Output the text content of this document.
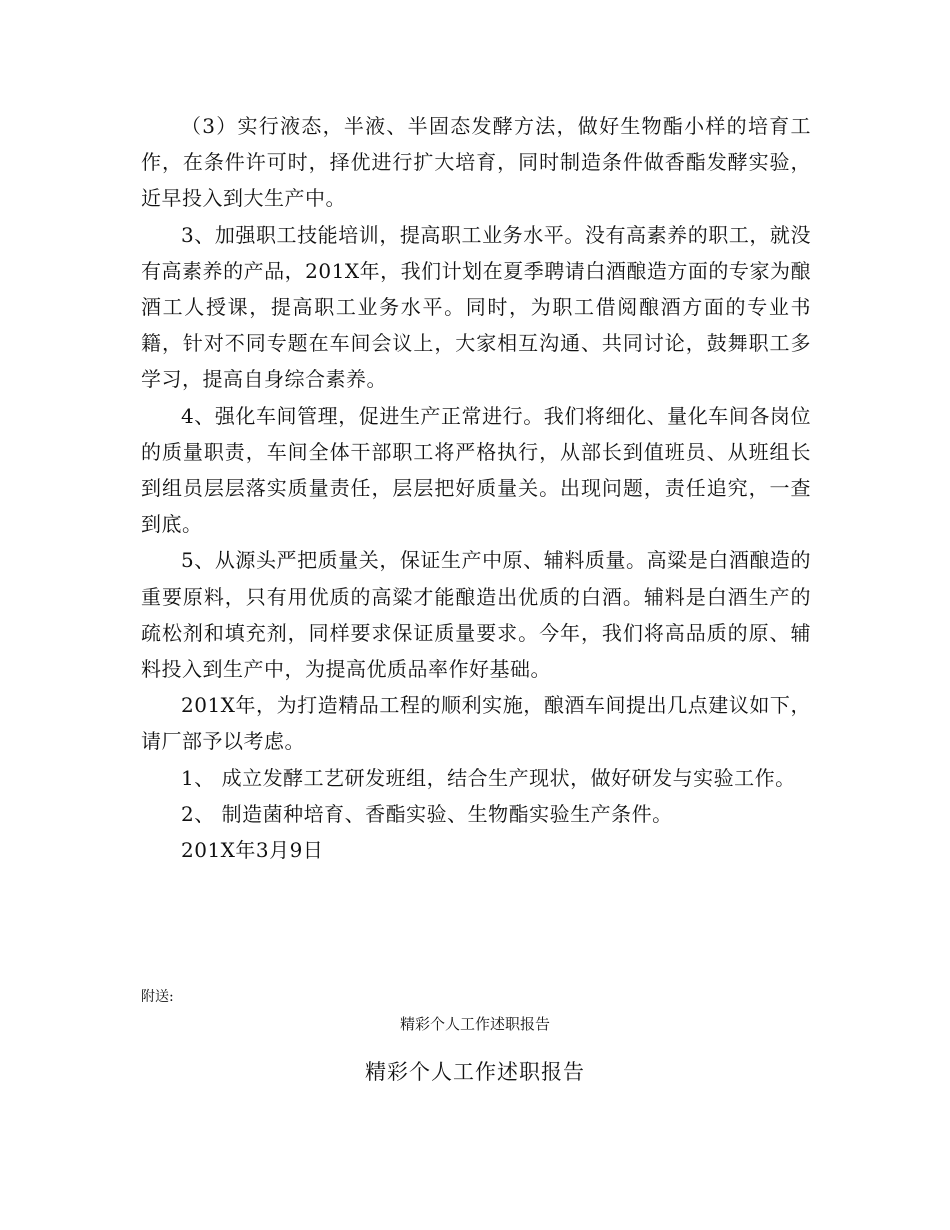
（3）实行液态，半液、半固态发酵方法，做好生物酯小样的培育工作，在条件许可时，择优进行扩大培育，同时制造条件做香酯发酵实验，近早投入到大生产中。

3、加强职工技能培训，提高职工业务水平。没有高素养的职工，就没有高素养的产品，201X年，我们计划在夏季聘请白酒酿造方面的专家为酿酒工人授课，提高职工业务水平。同时，为职工借阅酿酒方面的专业书籍，针对不同专题在车间会议上，大家相互沟通、共同讨论，鼓舞职工多学习，提高自身综合素养。

4、强化车间管理，促进生产正常进行。我们将细化、量化车间各岗位的质量职责，车间全体干部职工将严格执行，从部长到值班员、从班组长到组员层层落实质量责任，层层把好质量关。出现问题，责任追究，一查到底。

5、从源头严把质量关，保证生产中原、辅料质量。高粱是白酒酿造的重要原料，只有用优质的高粱才能酿造出优质的白酒。辅料是白酒生产的疏松剂和填充剂，同样要求保证质量要求。今年，我们将高品质的原、辅料投入到生产中，为提高优质品率作好基础。

201X年，为打造精品工程的顺利实施，酿酒车间提出几点建议如下，请厂部予以考虑。

1、 成立发酵工艺研发班组，结合生产现状，做好研发与实验工作。

2、 制造菌种培育、香酯实验、生物酯实验生产条件。

201X年3月9日

附送:
精彩个人工作述职报告
精彩个人工作述职报告
